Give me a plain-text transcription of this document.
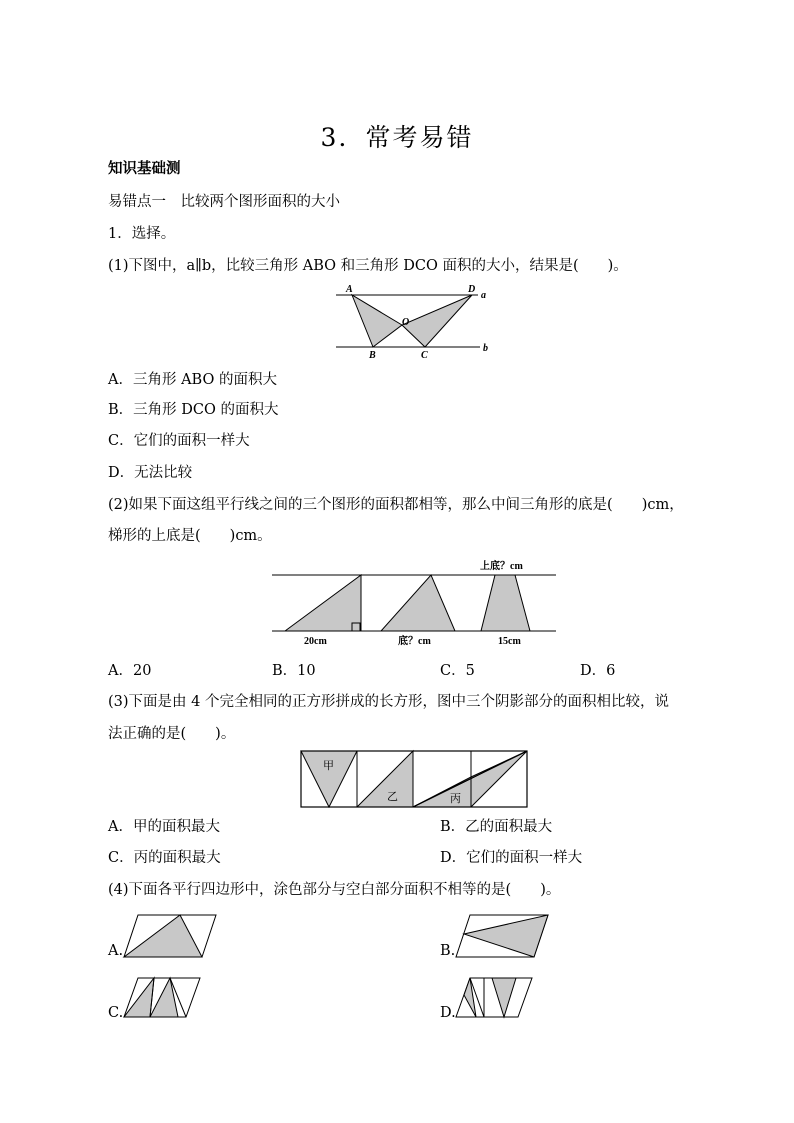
3．常考易错
知识基础测
易错点一　比较两个图形面积的大小
1．选择。
(1)下图中，a∥b，比较三角形 ABO 和三角形 DCO 面积的大小，结果是(　　)。
A	D
O
B	C
a
b
A．三角形 ABO 的面积大
B．三角形 DCO 的面积大
C．它们的面积一样大
D．无法比较
(2)如果下面这组平行线之间的三个图形的面积都相等，那么中间三角形的底是(　　)cm，
梯形的上底是(　　)cm。
上底？cm
20cm	底？cm	15cm
A．20	B．10	C．5	D．6
(3)下面是由 4 个完全相同的正方形拼成的长方形，图中三个阴影部分的面积相比较，说
法正确的是(　　)。
甲
乙	丙
A．甲的面积最大	B．乙的面积最大
C．丙的面积最大	D．它们的面积一样大
(4)下面各平行四边形中，涂色部分与空白部分面积不相等的是(　　)。
A.	B.
C.	D.
